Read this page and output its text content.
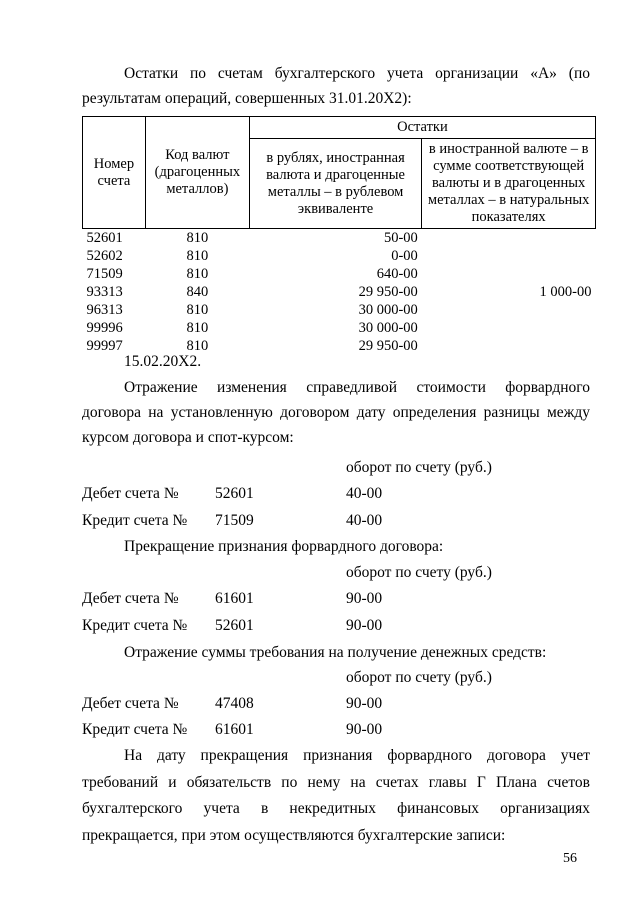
Остатки по счетам бухгалтерского учета организации «А» (по

результатам операций, совершенных 31.01.20X2):

Номер счета	Код валют (драгоценных металлов)	Остатки	
		в рублях, иностранная валюта и драгоценные металлы – в рублевом эквиваленте	в иностранной валюте – в сумме соответствующей валюты и в драгоценных металлах – в натуральных показателях
52601	810	50-00	
52602	810	0-00	
71509	810	640-00	
93313	840	29 950-00	1 000-00
96313	810	30 000-00	
99996	810	30 000-00	
99997	810	29 950-00	
15.02.20X2.

Отражение изменения справедливой стоимости форвардного договора на установленную договором дату определения разницы между курсом договора и спот-курсом:

оборот по счету (руб.)
Дебет счета № 52601	40-00
Кредит счета № 71509	40-00
Прекращение признания форвардного договора:
оборот по счету (руб.)
Дебет счета № 61601	90-00
Кредит счета № 52601	90-00
Отражение суммы требования на получение денежных средств:
оборот по счету (руб.)
Дебет счета № 47408	90-00
Кредит счета № 61601	90-00

На дату прекращения признания форвардного договора учет требований и обязательств по нему на счетах главы Г Плана счетов бухгалтерского учета в некредитных финансовых организациях прекращается, при этом осуществляются бухгалтерские записи:

56
